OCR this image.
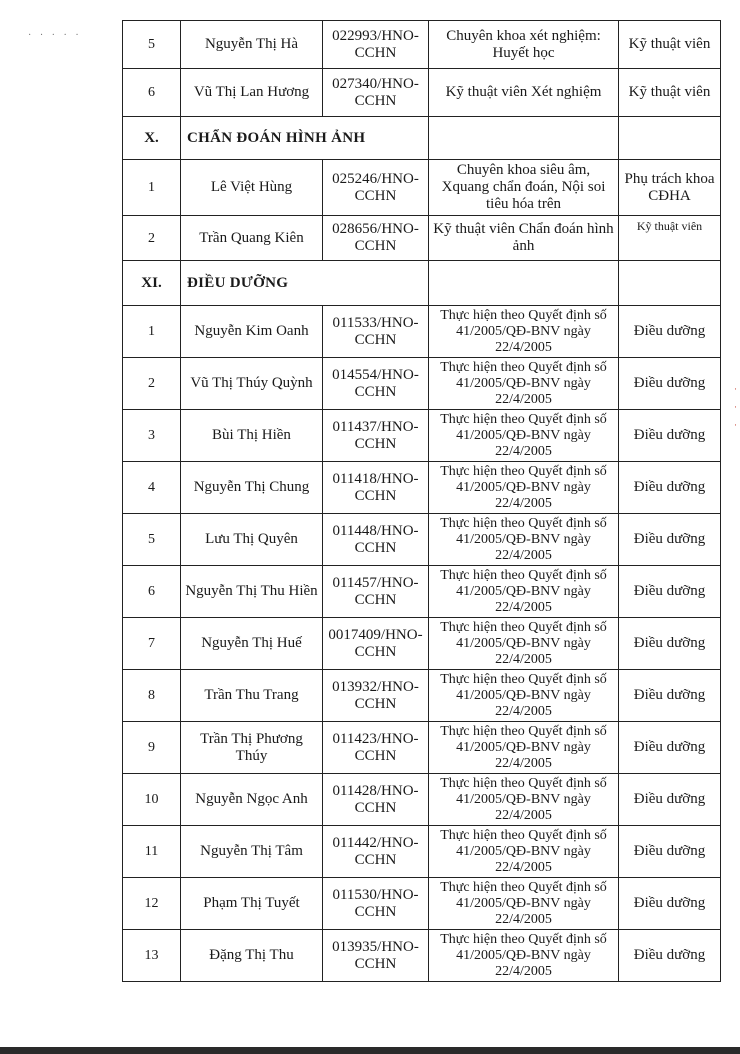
· · · · ·
·
·
·
5	Nguyễn Thị Hà	022993/HNO-CCHN	Chuyên khoa xét nghiệm: Huyết học	Kỹ thuật viên
6	Vũ Thị Lan Hương	027340/HNO-CCHN	Kỹ thuật viên Xét nghiệm	Kỹ thuật viên
X.	CHẨN ĐOÁN HÌNH ẢNH			
1	Lê Việt Hùng	025246/HNO-CCHN	Chuyên khoa siêu âm, Xquang chẩn đoán, Nội soi tiêu hóa trên	Phụ trách khoa CĐHA
2	Trần Quang Kiên	028656/HNO-CCHN	Kỹ thuật viên Chẩn đoán hình ảnh	Kỹ thuật viên
XI.	ĐIỀU DƯỠNG			
1	Nguyễn Kim Oanh	011533/HNO-CCHN	Thực hiện theo Quyết định số 41/2005/QĐ-BNV ngày 22/4/2005	Điều dưỡng
2	Vũ Thị Thúy Quỳnh	014554/HNO-CCHN	Thực hiện theo Quyết định số 41/2005/QĐ-BNV ngày 22/4/2005	Điều dưỡng
3	Bùi Thị Hiền	011437/HNO-CCHN	Thực hiện theo Quyết định số 41/2005/QĐ-BNV ngày 22/4/2005	Điều dưỡng
4	Nguyễn Thị Chung	011418/HNO-CCHN	Thực hiện theo Quyết định số 41/2005/QĐ-BNV ngày 22/4/2005	Điều dưỡng
5	Lưu Thị Quyên	011448/HNO-CCHN	Thực hiện theo Quyết định số 41/2005/QĐ-BNV ngày 22/4/2005	Điều dưỡng
6	Nguyễn Thị Thu Hiền	011457/HNO-CCHN	Thực hiện theo Quyết định số 41/2005/QĐ-BNV ngày 22/4/2005	Điều dưỡng
7	Nguyễn Thị Huế	0017409/HNO-CCHN	Thực hiện theo Quyết định số 41/2005/QĐ-BNV ngày 22/4/2005	Điều dưỡng
8	Trần Thu Trang	013932/HNO-CCHN	Thực hiện theo Quyết định số 41/2005/QĐ-BNV ngày 22/4/2005	Điều dưỡng
9	Trần Thị Phương Thúy	011423/HNO-CCHN	Thực hiện theo Quyết định số 41/2005/QĐ-BNV ngày 22/4/2005	Điều dưỡng
10	Nguyễn Ngọc Anh	011428/HNO-CCHN	Thực hiện theo Quyết định số 41/2005/QĐ-BNV ngày 22/4/2005	Điều dưỡng
11	Nguyễn Thị Tâm	011442/HNO-CCHN	Thực hiện theo Quyết định số 41/2005/QĐ-BNV ngày 22/4/2005	Điều dưỡng
12	Phạm Thị Tuyết	011530/HNO-CCHN	Thực hiện theo Quyết định số 41/2005/QĐ-BNV ngày 22/4/2005	Điều dưỡng
13	Đặng Thị Thu	013935/HNO-CCHN	Thực hiện theo Quyết định số 41/2005/QĐ-BNV ngày 22/4/2005	Điều dưỡng
